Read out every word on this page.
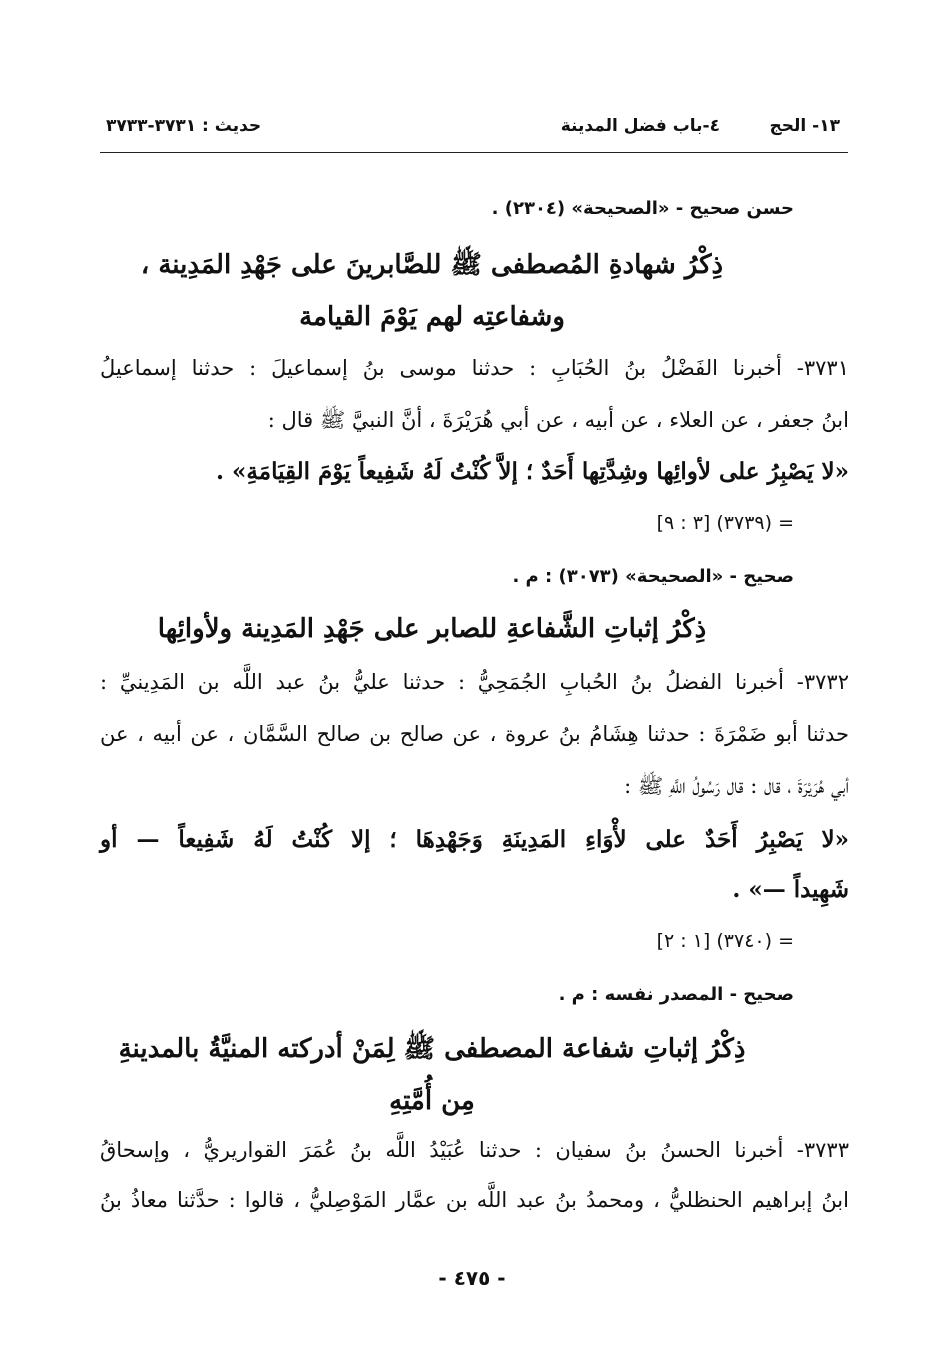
١٣- الحج
٤-باب فضل المدينة
حديث : ٣٧٣١-٣٧٣٣
حسن صحيح - «الصحيحة» (٢٣٠٤) .
ذِكْرُ شهادةِ المُصطفى ﷺ للصَّابرينَ على جَهْدِ المَدِينة ،
وشفاعتِه لهم يَوْمَ القيامة
٣٧٣١- أخبرنا الفَضْلُ بنُ الحُبَابِ : حدثنا موسى بنُ إسماعيلَ : حدثنا إسماعيلُ
ابنُ جعفر ، عن العلاء ، عن أبيه ، عن أبي هُرَيْرَةَ ، أنَّ النبيَّ ﷺ قال :
«لا يَصْبِرُ على لأوائِها وشِدَّتِها أَحَدٌ ؛ إلاَّ كُنْتُ لَهُ شَفِيعاً يَوْمَ القِيَامَةِ» .
= (٣٧٣٩) [٣ : ٩]
صحيح - «الصحيحة» (٣٠٧٣) : م .
ذِكْرُ إثباتِ الشَّفاعةِ للصابر على جَهْدِ المَدِينة ولأوائِها
٣٧٣٢- أخبرنا الفضلُ بنُ الحُبابِ الجُمَحِيُّ : حدثنا عليُّ بنُ عبد اللَّه بن المَدِينيِّ :
حدثنا أبو ضَمْرَةَ : حدثنا هِشَامُ بنُ عروة ، عن صالح بن صالح السَّمَّان ، عن أبيه ، عن
أبي هُرَيْرَةَ ، قال : قال رَسُولُ اللَّهِ ﷺ :
«لا يَصْبِرُ أَحَدٌ على لأْوَاءِ المَدِينَةِ وَجَهْدِهَا ؛ إلا كُنْتُ لَهُ شَفِيعاً — أو
شَهِيداً —» .
= (٣٧٤٠) [١ : ٢]
صحيح - المصدر نفسه : م .
ذِكْرُ إثباتِ شفاعة المصطفى ﷺ لِمَنْ أدركته المنيَّةُ بالمدينةِ
مِن أُمَّتِهِ
٣٧٣٣- أخبرنا الحسنُ بنُ سفيان : حدثنا عُبَيْدُ اللَّه بنُ عُمَرَ القواريريُّ ، وإسحاقُ
ابنُ إبراهيم الحنظليُّ ، ومحمدُ بنُ عبد اللَّه بن عمَّار المَوْصِليُّ ، قالوا : حدَّثنا معاذُ بنُ
- ٤٧٥ -
